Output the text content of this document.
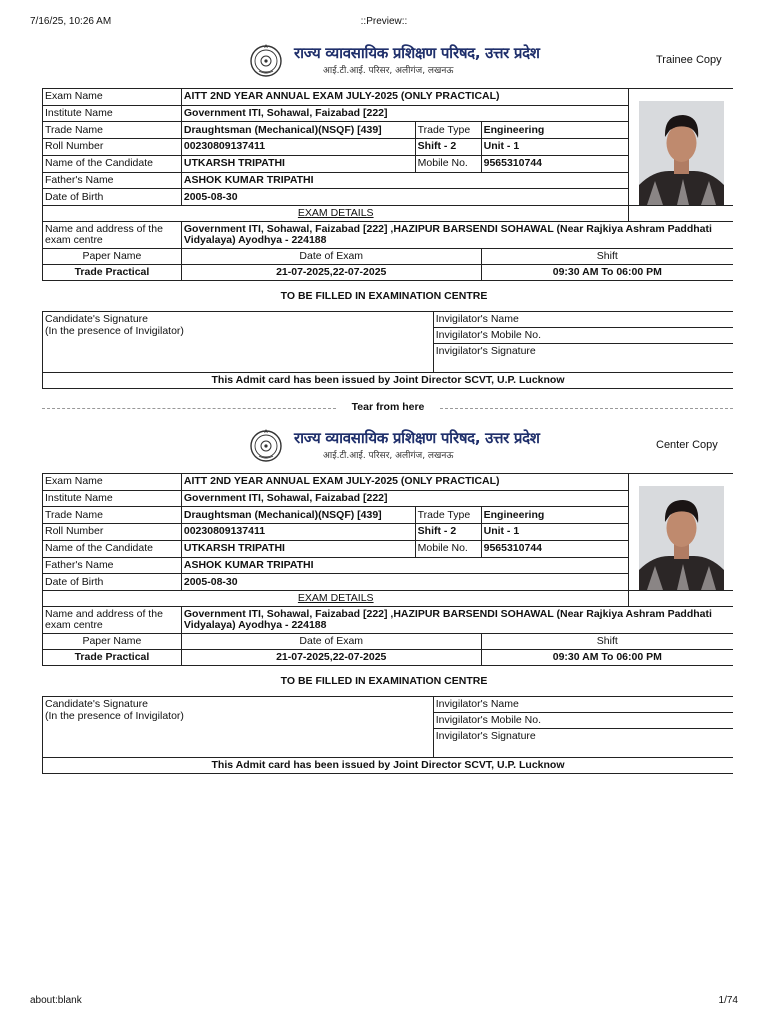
7/16/25, 10:26 AM	::Preview::
राज्य व्यावसायिक प्रशिक्षण परिषद, उत्तर प्रदेश
आई.टी.आई. परिसर, अलीगंज, लखनऊ
Trainee Copy
Exam Name	AITT 2ND YEAR ANNUAL EXAM JULY-2025 (ONLY PRACTICAL)	

Institute Name	Government ITI, Sohawal, Faizabad [222]			
Trade Name	Draughtsman (Mechanical)(NSQF) [439]	Trade Type	Engineering	
Roll Number	00230809137411	Shift - 2	Unit - 1	
Name of the Candidate	UTKARSH TRIPATHI	Mobile No.	9565310744	
Father's Name	ASHOK KUMAR TRIPATHI			
Date of Birth	2005-08-30			
EXAM DETAILS				
Name and address of the exam centre	Government ITI, Sohawal, Faizabad [222] ,HAZIPUR BARSENDI SOHAWAL (Near Rajkiya Ashram Paddhati Vidyalaya) Ayodhya - 224188			
Paper Name	Date of Exam		Shift	
Trade Practical	21-07-2025,22-07-2025		09:30 AM To 06:00 PM	
TO BE FILLED IN EXAMINATION CENTRE
Candidate's Signature
(In the presence of Invigilator)
	Invigilator's Name
Invigilator's Mobile No.
Invigilator's Signature
This Admit card has been issued by Joint Director SCVT, U.P. Lucknow
Tear from here
राज्य व्यावसायिक प्रशिक्षण परिषद, उत्तर प्रदेश
आई.टी.आई. परिसर, अलीगंज, लखनऊ
Center Copy
Exam Name	AITT 2ND YEAR ANNUAL EXAM JULY-2025 (ONLY PRACTICAL)	

Institute Name	Government ITI, Sohawal, Faizabad [222]			
Trade Name	Draughtsman (Mechanical)(NSQF) [439]	Trade Type	Engineering	
Roll Number	00230809137411	Shift - 2	Unit - 1	
Name of the Candidate	UTKARSH TRIPATHI	Mobile No.	9565310744	
Father's Name	ASHOK KUMAR TRIPATHI			
Date of Birth	2005-08-30			
EXAM DETAILS				
Name and address of the exam centre	Government ITI, Sohawal, Faizabad [222] ,HAZIPUR BARSENDI SOHAWAL (Near Rajkiya Ashram Paddhati Vidyalaya) Ayodhya - 224188			
Paper Name	Date of Exam		Shift	
Trade Practical	21-07-2025,22-07-2025		09:30 AM To 06:00 PM	
TO BE FILLED IN EXAMINATION CENTRE
Candidate's Signature
(In the presence of Invigilator)
	Invigilator's Name
Invigilator's Mobile No.
Invigilator's Signature
This Admit card has been issued by Joint Director SCVT, U.P. Lucknow
about:blank	1/74
